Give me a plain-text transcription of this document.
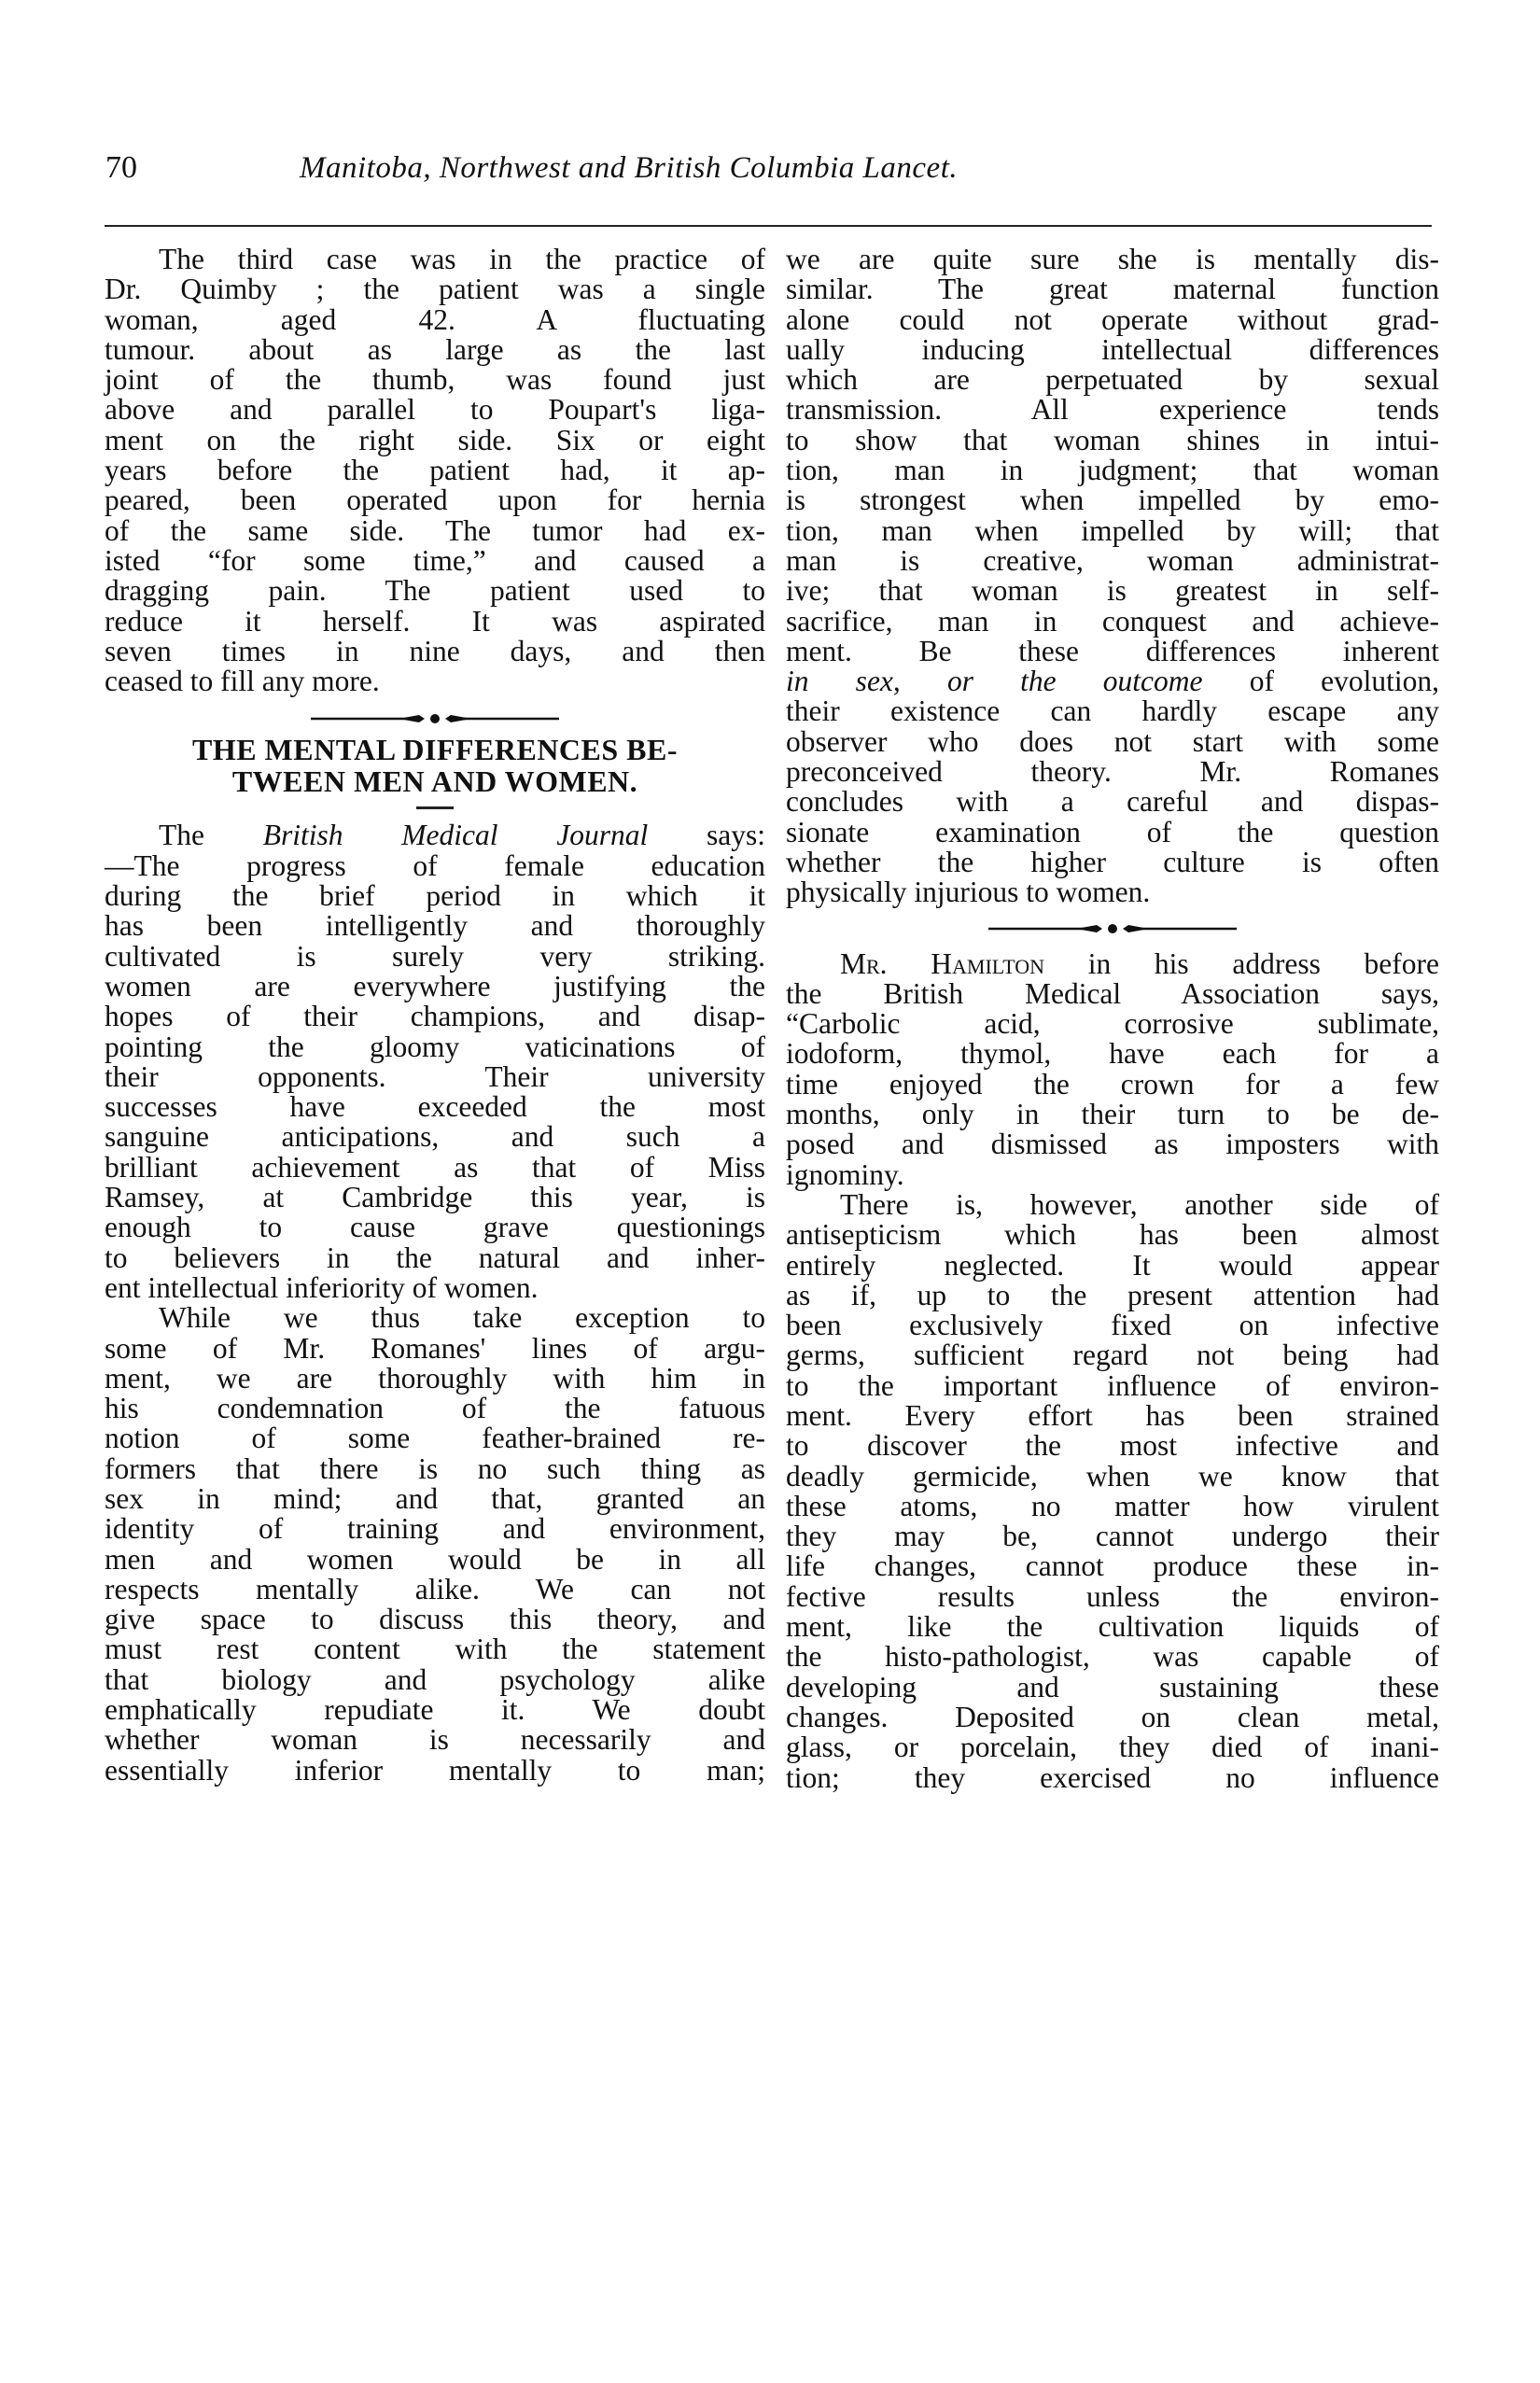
70	Manitoba, Northwest and British Columbia Lancet.

The third case was in the practice of
Dr. Quimby ; the patient was a single
woman, aged 42. A fluctuating
tumour. about as large as the last
joint of the thumb, was found just
above and parallel to Poupart's liga-
ment on the right side. Six or eight
years before the patient had, it ap-
peared, been operated upon for hernia
of the same side. The tumor had ex-
isted “for some time,” and caused a
dragging pain. The patient used to
reduce it herself. It was aspirated
seven times in nine days, and then
ceased to fill any more.

THE MENTAL DIFFERENCES BE-
TWEEN MEN AND WOMEN.

The British Medical Journal says:

—The progress of female education
during the brief period in which it
has been intelligently and thoroughly
cultivated is surely very striking.
women are everywhere justifying the
hopes of their champions, and disap-
pointing the gloomy vaticinations of
their opponents. Their university
successes have exceeded the most
sanguine anticipations, and such a
brilliant achievement as that of Miss
Ramsey, at Cambridge this year, is
enough to cause grave questionings
to believers in the natural and inher-
ent intellectual inferiority of women.

While we thus take exception to
some of Mr. Romanes' lines of argu-
ment, we are thoroughly with him in
his condemnation of the fatuous
notion of some feather-brained re-
formers that there is no such thing as
sex in mind; and that, granted an
identity of training and environment,
men and women would be in all
respects mentally alike. We can not
give space to discuss this theory, and
must rest content with the statement
that biology and psychology alike
emphatically repudiate it. We doubt
whether woman is necessarily and
essentially inferior mentally to man;

we are quite sure she is mentally dis-
similar. The great maternal function
alone could not operate without grad-
ually inducing intellectual differences
which are perpetuated by sexual
transmission. All experience tends
to show that woman shines in intui-
tion, man in judgment; that woman
is strongest when impelled by emo-
tion, man when impelled by will; that
man is creative, woman administrat-
ive; that woman is greatest in self-
sacrifice, man in conquest and achieve-
ment. Be these differences inherent
in sex, or the outcome of evolution,
their existence can hardly escape any
observer who does not start with some
preconceived theory. Mr. Romanes
concludes with a careful and dispas-
sionate examination of the question
whether the higher culture is often
physically injurious to women.

Mr. Hamilton in his address before

the British Medical Association says,
“Carbolic acid, corrosive sublimate,
iodoform, thymol, have each for a
time enjoyed the crown for a few
months, only in their turn to be de-
posed and dismissed as imposters with
ignominy.

There is, however, another side of
antisepticism which has been almost
entirely neglected. It would appear
as if, up to the present attention had
been exclusively fixed on infective
germs, sufficient regard not being had
to the important influence of environ-
ment. Every effort has been strained
to discover the most infective and
deadly germicide, when we know that
these atoms, no matter how virulent
they may be, cannot undergo their
life changes, cannot produce these in-
fective results unless the environ-
ment, like the cultivation liquids of
the histo-pathologist, was capable of
developing and sustaining these
changes. Deposited on clean metal,
glass, or porcelain, they died of inani-
tion; they exercised no influence
